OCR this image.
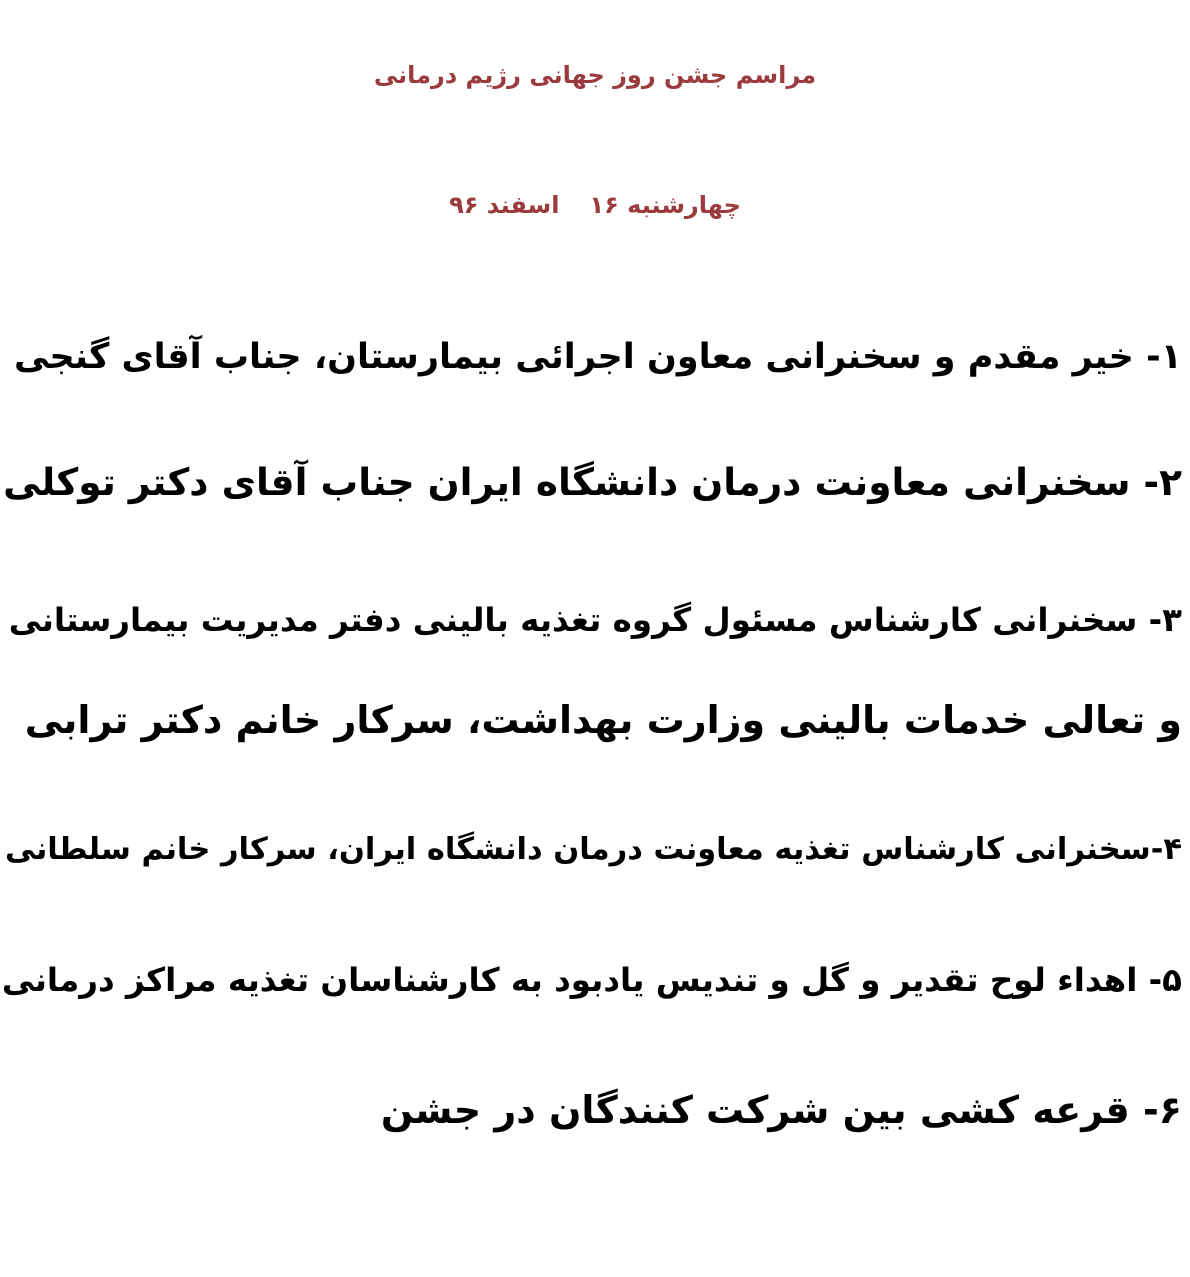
مراسم جشن روز جهانی رژیم درمانی
چهارشنبه ۱۶اسفند ۹۶
۱- خیر مقدم و سخنرانی معاون اجرائی بیمارستان، جناب آقای گنجی
۲- سخنرانی معاونت درمان دانشگاه ایران جناب آقای دکتر توکلی
۳- سخنرانی کارشناس مسئول گروه تغذیه بالینی دفتر مدیریت بیمارستانی
و تعالی خدمات بالینی وزارت بهداشت، سرکار خانم دکتر ترابی
۴-سخنرانی کارشناس تغذیه معاونت درمان دانشگاه ایران، سرکار خانم سلطانی
۵- اهداء لوح تقدیر و گل و تندیس یادبود به کارشناسان تغذیه مراکز درمانی
۶- قرعه کشی بین شرکت کنندگان در جشن
